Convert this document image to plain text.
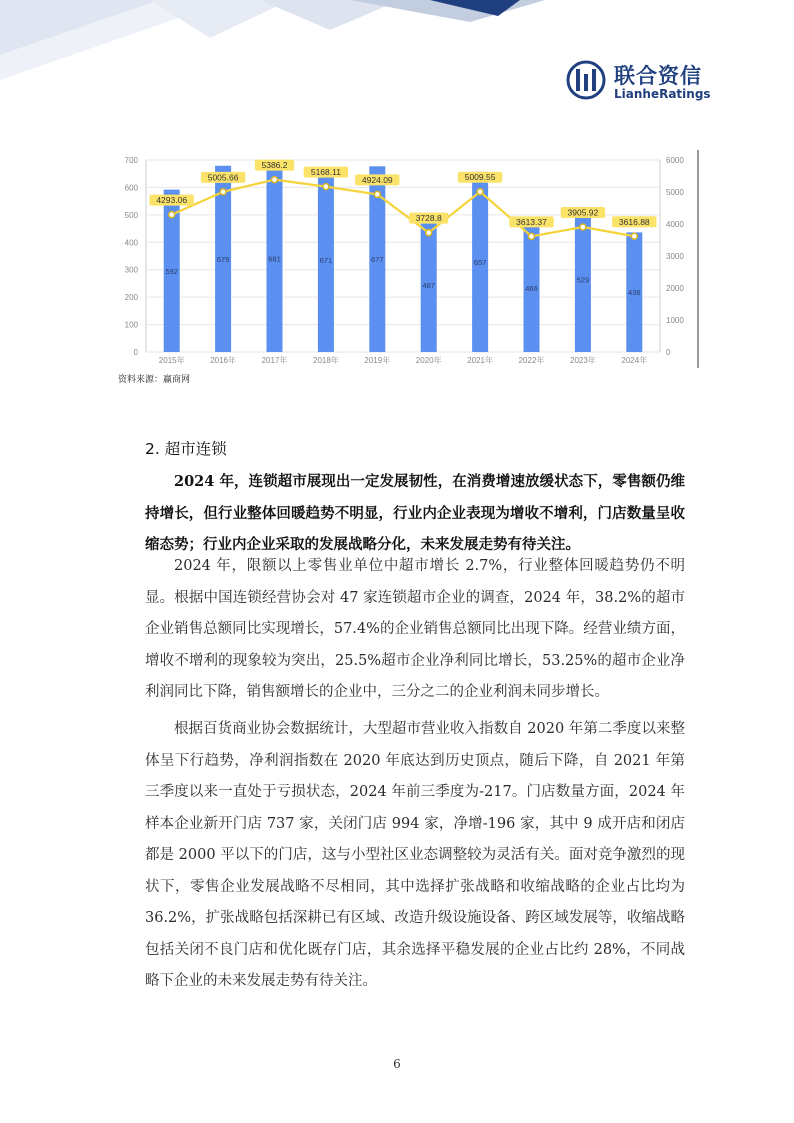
联合资信
LianheRatings
0
100
200
300
400
500
600
700
0
1000
2000
3000
4000
5000
6000
592
2015年
679
2016年
681
2017年
671
2018年
677
2019年
487
2020年
657
2021年
466
2022年
529
2023年
436
2024年
4293.06
5005.66
5386.2
5168.11
4924.09
3728.8
5009.55
3613.37
3905.92
3616.88
资料来源：赢商网
2. 超市连锁
2024 年，连锁超市展现出一定发展韧性，在消费增速放缓状态下，零售额仍维持增长，但行业整体回暖趋势不明显，行业内企业表现为增收不增利，门店数量呈收缩态势；行业内企业采取的发展战略分化，未来发展走势有待关注。
2024 年，限额以上零售业单位中超市增长 2.7%，行业整体回暖趋势仍不明显。根据中国连锁经营协会对 47 家连锁超市企业的调查，2024 年，38.2%的超市企业销售总额同比实现增长，57.4%的企业销售总额同比出现下降。经营业绩方面，增收不增利的现象较为突出，25.5%超市企业净利同比增长，53.25%的超市企业净利润同比下降，销售额增长的企业中，三分之二的企业利润未同步增长。
根据百货商业协会数据统计，大型超市营业收入指数自 2020 年第二季度以来整体呈下行趋势，净利润指数在 2020 年底达到历史顶点，随后下降，自 2021 年第三季度以来一直处于亏损状态，2024 年前三季度为-217。门店数量方面，2024 年样本企业新开门店 737 家，关闭门店 994 家，净增-196 家，其中 9 成开店和闭店都是 2000 平以下的门店，这与小型社区业态调整较为灵活有关。面对竞争激烈的现状下，零售企业发展战略不尽相同，其中选择扩张战略和收缩战略的企业占比均为 36.2%，扩张战略包括深耕已有区域、改造升级设施设备、跨区域发展等，收缩战略包括关闭不良门店和优化既存门店，其余选择平稳发展的企业占比约 28%，不同战略下企业的未来发展走势有待关注。
6
